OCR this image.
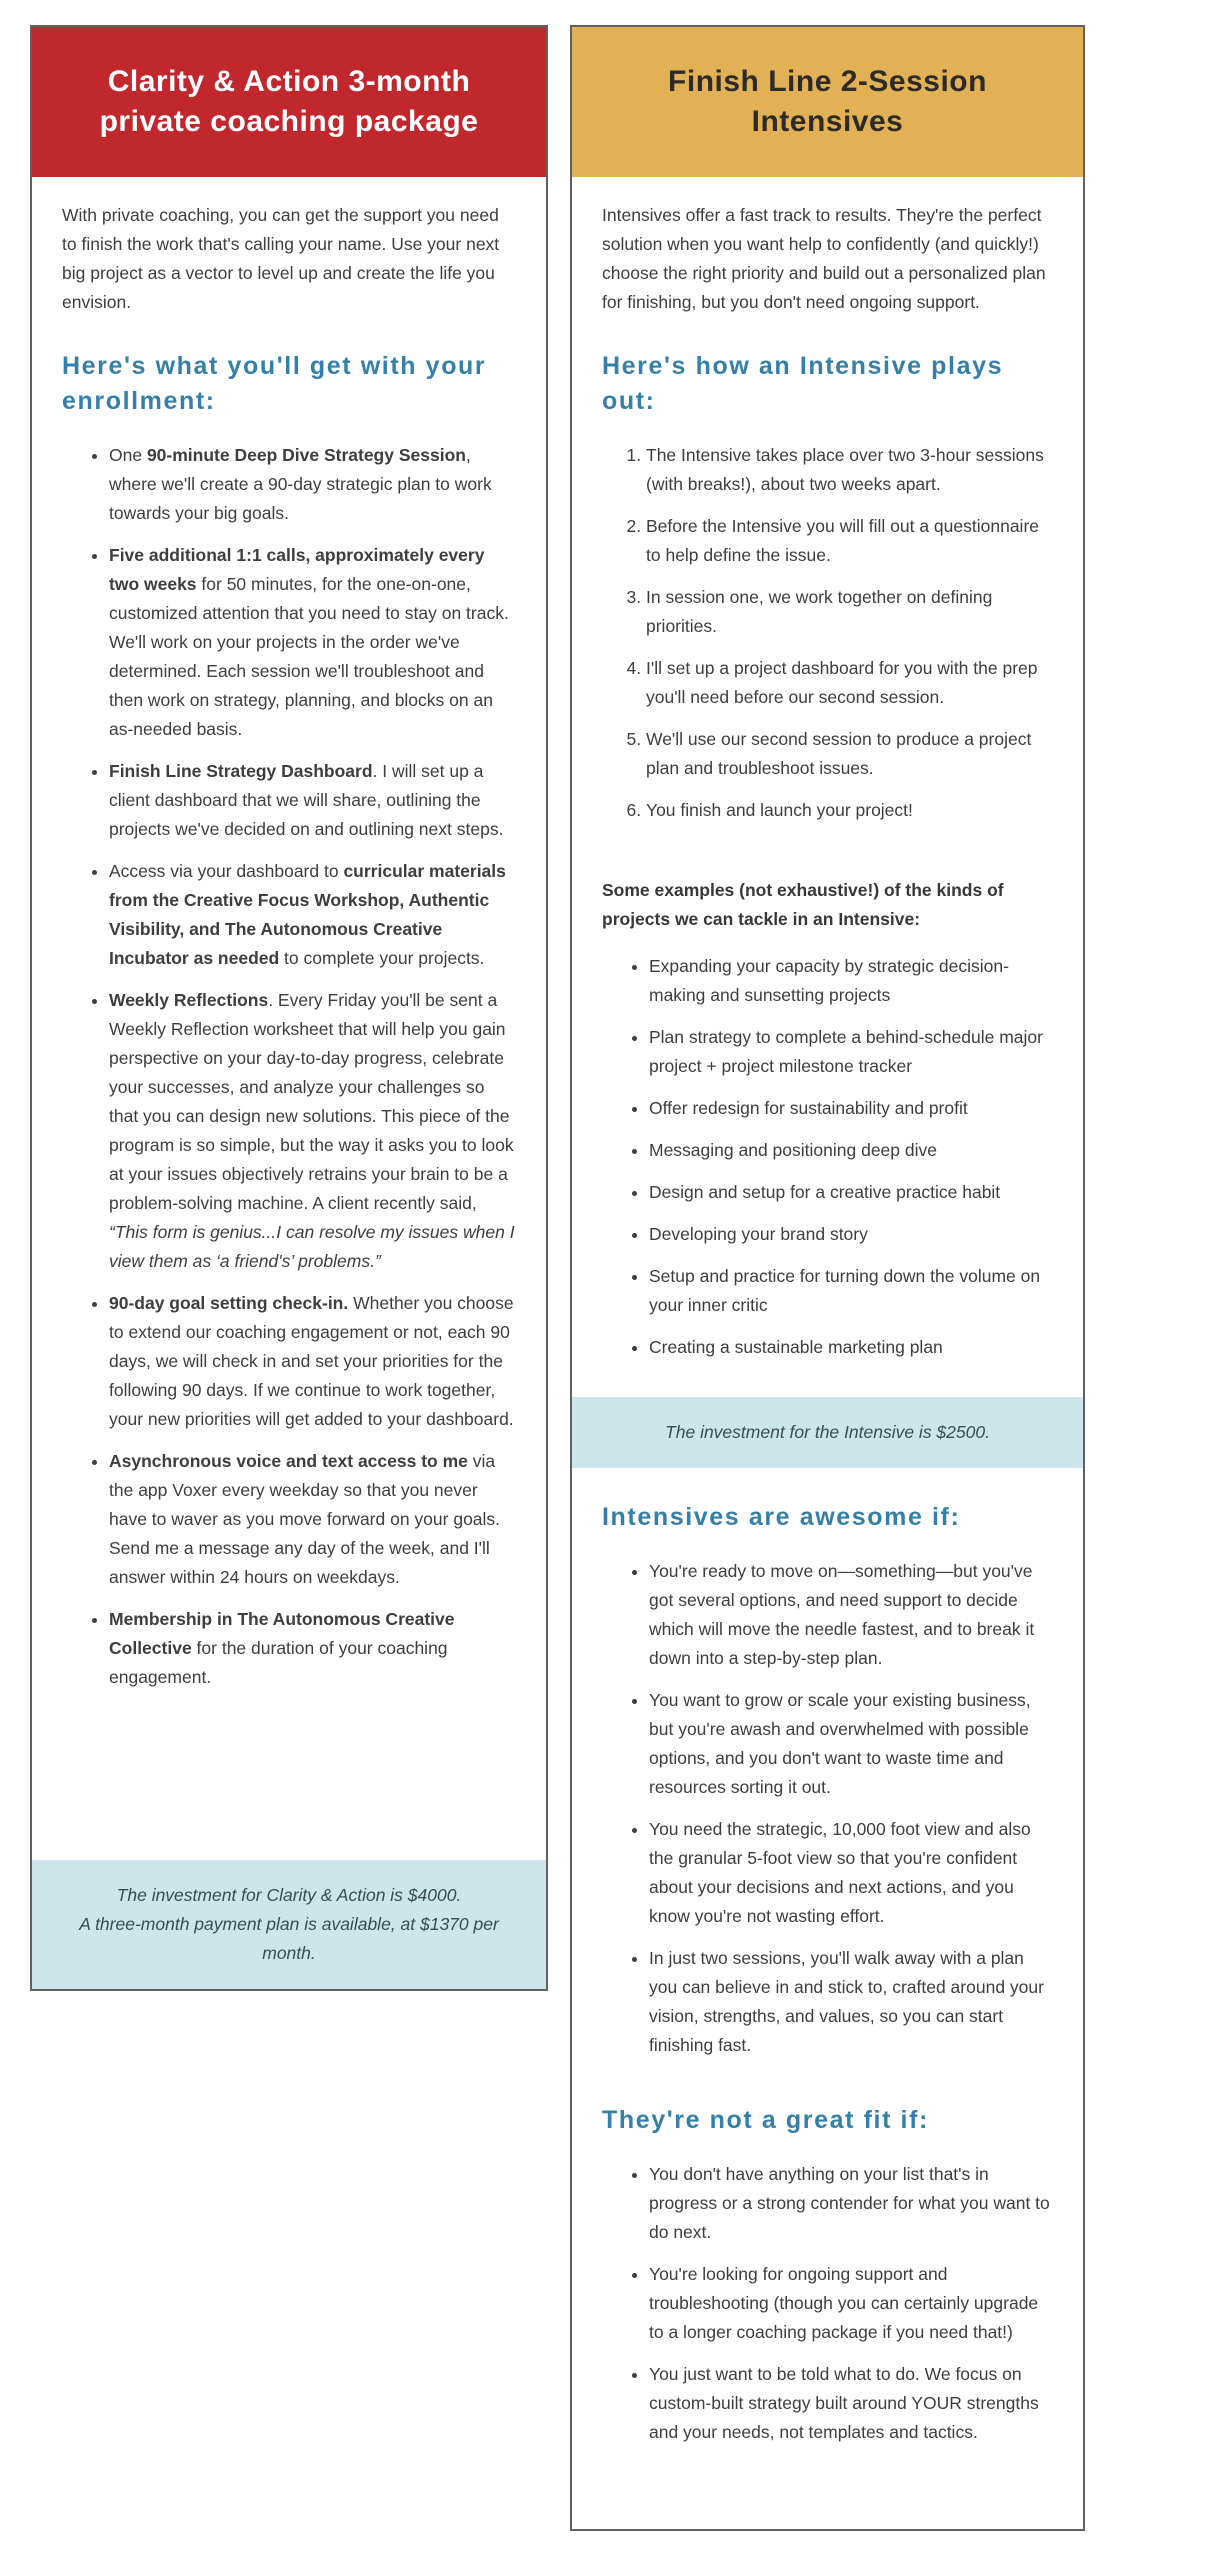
Clarity & Action 3-month private coaching package

With private coaching, you can get the support you need to finish the work that's calling your name. Use your next big project as a vector to level up and create the life you envision.

Here's what you'll get with your enrollment:
• One 90-minute Deep Dive Strategy Session, where we'll create a 90-day strategic plan to work towards your big goals.
• Five additional 1:1 calls, approximately every two weeks for 50 minutes, for the one-on-one, customized attention that you need to stay on track. We'll work on your projects in the order we've determined. Each session we'll troubleshoot and then work on strategy, planning, and blocks on an as-needed basis.
• Finish Line Strategy Dashboard. I will set up a client dashboard that we will share, outlining the projects we've decided on and outlining next steps.
• Access via your dashboard to curricular materials from the Creative Focus Workshop, Authentic Visibility, and The Autonomous Creative Incubator as needed to complete your projects.
• Weekly Reflections. Every Friday you'll be sent a Weekly Reflection worksheet that will help you gain perspective on your day-to-day progress, celebrate your successes, and analyze your challenges so that you can design new solutions. This piece of the program is so simple, but the way it asks you to look at your issues objectively retrains your brain to be a problem-solving machine. A client recently said, “This form is genius...I can resolve my issues when I view them as ‘a friend's’ problems.”
• 90-day goal setting check-in. Whether you choose to extend our coaching engagement or not, each 90 days, we will check in and set your priorities for the following 90 days. If we continue to work together, your new priorities will get added to your dashboard.
• Asynchronous voice and text access to me via the app Voxer every weekday so that you never have to waver as you move forward on your goals. Send me a message any day of the week, and I'll answer within 24 hours on weekdays.
• Membership in The Autonomous Creative Collective for the duration of your coaching engagement.
The investment for Clarity & Action is $4000.
A three-month payment plan is available, at $1370 per month.
Finish Line 2-Session Intensives

Intensives offer a fast track to results. They're the perfect solution when you want help to confidently (and quickly!) choose the right priority and build out a personalized plan for finishing, but you don't need ongoing support.

Here's how an Intensive plays out:
1. The Intensive takes place over two 3-hour sessions (with breaks!), about two weeks apart.
2. Before the Intensive you will fill out a questionnaire to help define the issue.
3. In session one, we work together on defining priorities.
4. I'll set up a project dashboard for you with the prep you'll need before our second session.
5. We'll use our second session to produce a project plan and troubleshoot issues.
6. You finish and launch your project!

Some examples (not exhaustive!) of the kinds of projects we can tackle in an Intensive:

• Expanding your capacity by strategic decision-making and sunsetting projects
• Plan strategy to complete a behind-schedule major project + project milestone tracker
• Offer redesign for sustainability and profit
• Messaging and positioning deep dive
• Design and setup for a creative practice habit
• Developing your brand story
• Setup and practice for turning down the volume on your inner critic
• Creating a sustainable marketing plan
The investment for the Intensive is $2500.
Intensives are awesome if:
• You're ready to move on—something—but you've got several options, and need support to decide which will move the needle fastest, and to break it down into a step-by-step plan.
• You want to grow or scale your existing business, but you're awash and overwhelmed with possible options, and you don't want to waste time and resources sorting it out.
• You need the strategic, 10,000 foot view and also the granular 5-foot view so that you're confident about your decisions and next actions, and you know you're not wasting effort.
• In just two sessions, you'll walk away with a plan you can believe in and stick to, crafted around your vision, strengths, and values, so you can start finishing fast.
They're not a great fit if:
• You don't have anything on your list that's in progress or a strong contender for what you want to do next.
• You're looking for ongoing support and troubleshooting (though you can certainly upgrade to a longer coaching package if you need that!)
• You just want to be told what to do. We focus on custom-built strategy built around YOUR strengths and your needs, not templates and tactics.
